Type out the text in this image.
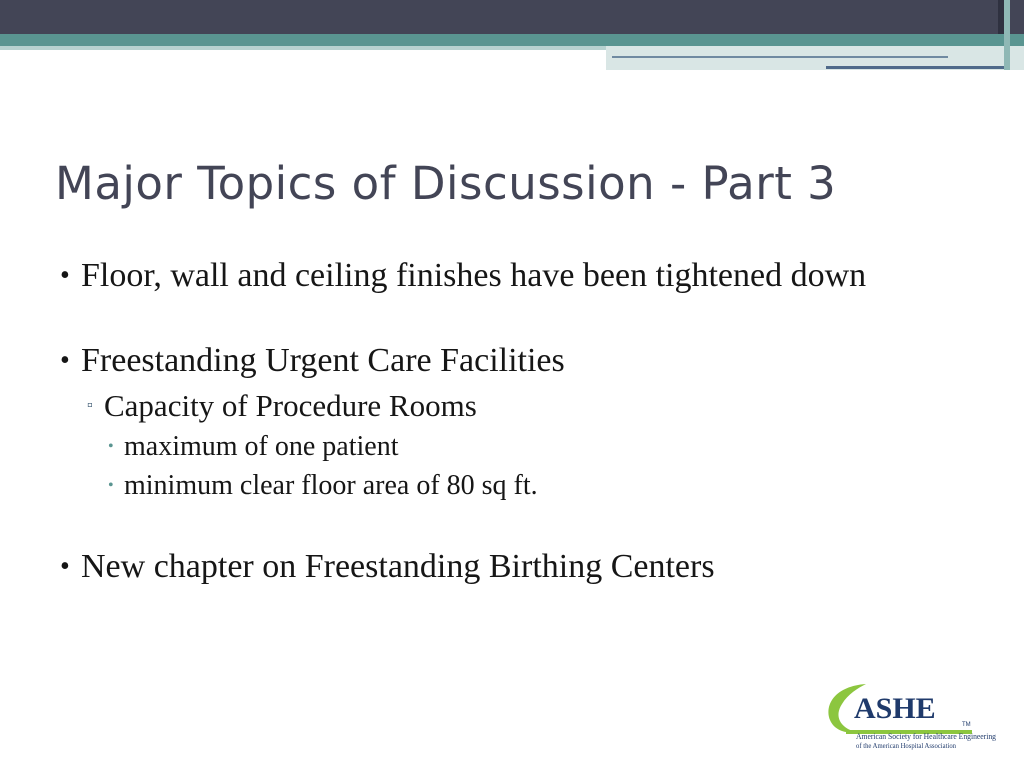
Major Topics of Discussion - Part 3
• Floor, wall and ceiling finishes have been tightened down
• Freestanding Urgent Care Facilities
▫ Capacity of Procedure Rooms
• maximum of one patient
• minimum clear floor area of 80 sq ft.
• New chapter on Freestanding Birthing Centers
ASHE	TM
American Society for Healthcare Engineering
of the American Hospital Association
